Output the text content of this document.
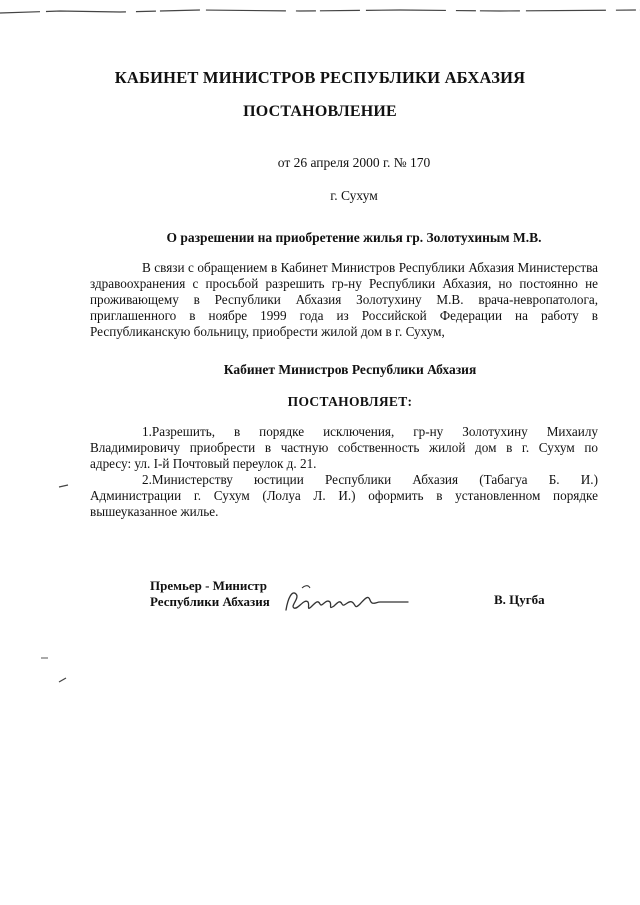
КАБИНЕТ МИНИСТРОВ РЕСПУБЛИКИ АБХАЗИЯ
ПОСТАНОВЛЕНИЕ
от 26 апреля 2000 г. № 170
г. Сухум
О разрешении на приобретение жилья гр. Золотухиным М.В.
В связи с обращением в Кабинет Министров Республики Абхазия Министерства
здравоохранения с просьбой разрешить гр-ну Республики Абхазия, но постоянно не
проживающему в Республики Абхазия Золотухину М.В. врача-невропатолога,
приглашенного в ноябре 1999 года из Российской Федерации на работу в
Республиканскую больницу, приобрести жилой дом в г. Сухум,
Кабинет Министров Республики Абхазия
ПОСТАНОВЛЯЕТ:
1.Разрешить, в порядке исключения, гр-ну Золотухину Михаилу
Владимировичу приобрести в частную собственность жилой дом в г. Сухум по
адресу: ул. I-й Почтовый переулок д. 21.
2.Министерству юстиции Республики Абхазия (Табагуа Б. И.)
Администрации г. Сухум (Лолуа Л. И.) оформить в установленном порядке
вышеуказанное жилье.
Премьер - Министр
Республики Абхазия	В. Цугба
